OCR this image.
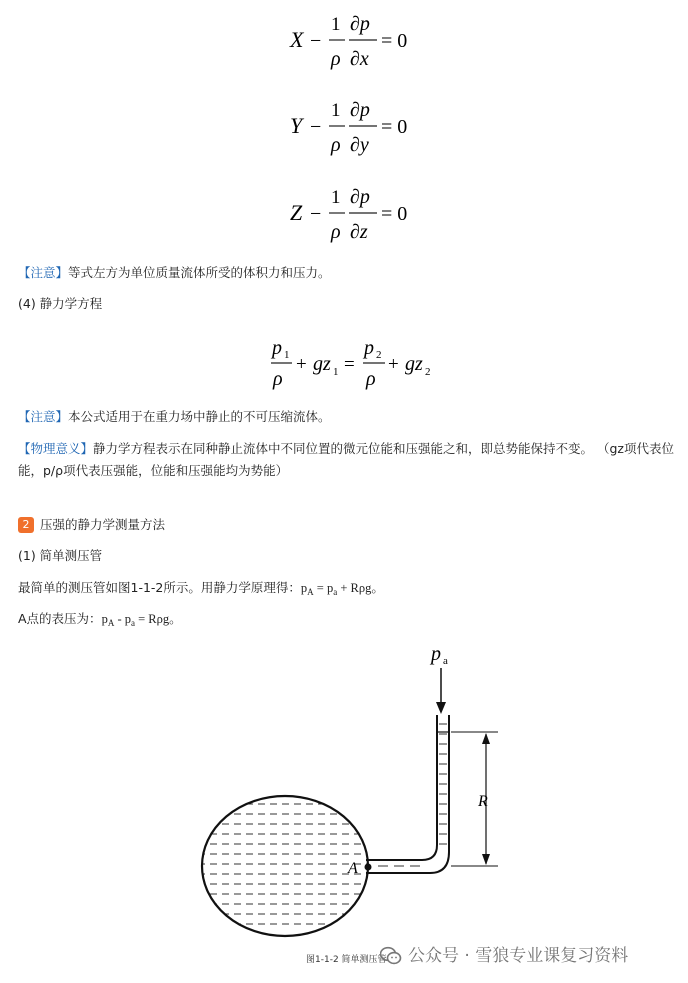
X −
1
ρ
∂p
∂x
= 0
Y −
1
ρ
∂p
∂y
= 0
Z −
1
ρ
∂p
∂z
= 0
【注意】等式左方为单位质量流体所受的体积力和压力。
(4) 静力学方程
p 1
ρ
+ gz 1 =
p 2
ρ
+ gz 2
【注意】本公式适用于在重力场中静止的不可压缩流体。
【物理意义】静力学方程表示在同种静止流体中不同位置的微元位能和压强能之和，即总势能保持不变。 （gz项代表位
能，p/ρ项代表压强能，位能和压强能均为势能）
2 压强的静力学测量方法
(1) 简单测压管
最简单的测压管如图1-1-2所示。用静力学原理得：$p_A = p_a + R\rho g$。
A点的表压为：$p_A - p_a = R\rho g$。
R
p a
A
图1-1-2 简单测压管	公众号 · 雪狼专业课复习资料
